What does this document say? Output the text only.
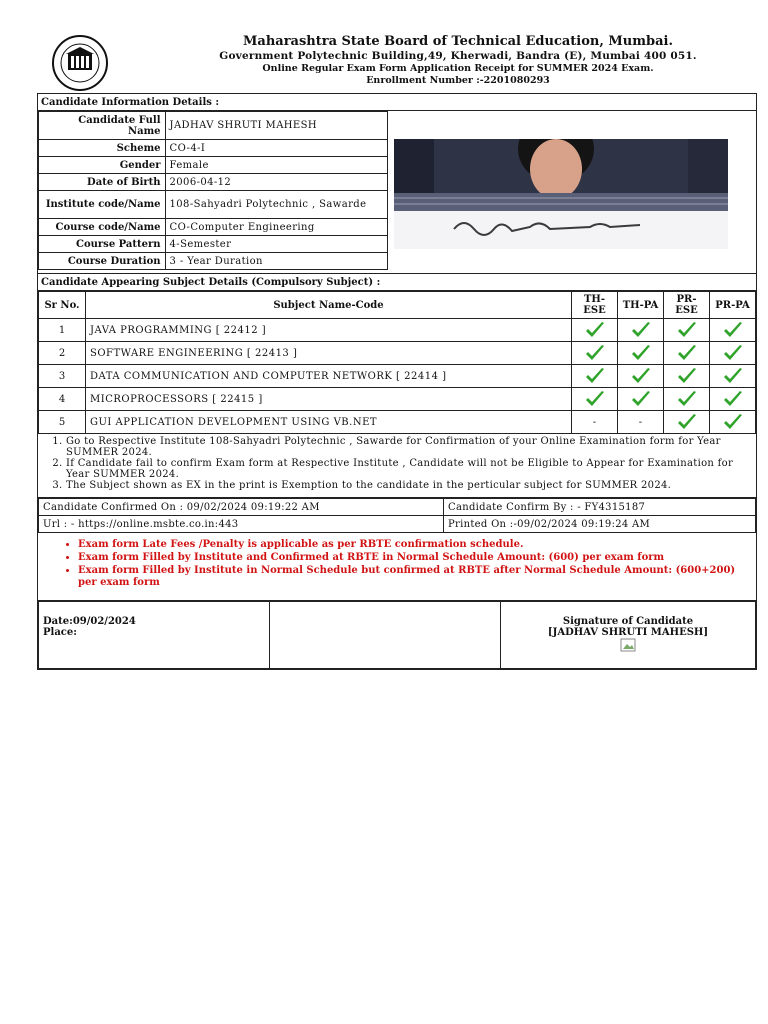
Maharashtra State Board of Technical Education, Mumbai.
Government Polytechnic Building,49, Kherwadi, Bandra (E), Mumbai 400 051.
Online Regular Exam Form Application Receipt for SUMMER 2024 Exam.
Enrollment Number :-2201080293
Candidate Information Details :
Candidate Full Name	JADHAV SHRUTI MAHESH
Scheme	CO-4-I
Gender	Female
Date of Birth	2006-04-12
Institute code/Name	108-Sahyadri Polytechnic , Sawarde
Course code/Name	CO-Computer Engineering
Course Pattern	4-Semester
Course Duration	3 - Year Duration
Candidate Appearing Subject Details (Compulsory Subject) :
Sr No.	Subject Name-Code	TH-ESE	TH-PA	PR-ESE	PR-PA
1	JAVA PROGRAMMING [ 22412 ]				
2	SOFTWARE ENGINEERING [ 22413 ]				
3	DATA COMMUNICATION AND COMPUTER NETWORK [ 22414 ]				
4	MICROPROCESSORS [ 22415 ]				
5	GUI APPLICATION DEVELOPMENT USING VB.NET	-	-		
1. Go to Respective Institute 108-Sahyadri Polytechnic , Sawarde for Confirmation of your Online Examination form for Year SUMMER 2024.
2. If Candidate fail to confirm Exam form at Respective Institute , Candidate will not be Eligible to Appear for Examination for Year SUMMER 2024.
3. The Subject shown as EX in the print is Exemption to the candidate in the perticular subject for SUMMER 2024.
Candidate Confirmed On : 09/02/2024 09:19:22 AM	Candidate Confirm By : - FY4315187
Url : - https://online.msbte.co.in:443	Printed On :-09/02/2024 09:19:24 AM
• Exam form Late Fees /Penalty is applicable as per RBTE confirmation schedule.
• Exam form Filled by Institute and Confirmed at RBTE in Normal Schedule Amount: (600) per exam form
• Exam form Filled by Institute in Normal Schedule but confirmed at RBTE after Normal Schedule Amount: (600+200) per exam form
Date:09/02/2024
Place:

Signature of Candidate
[JADHAV SHRUTI MAHESH]
